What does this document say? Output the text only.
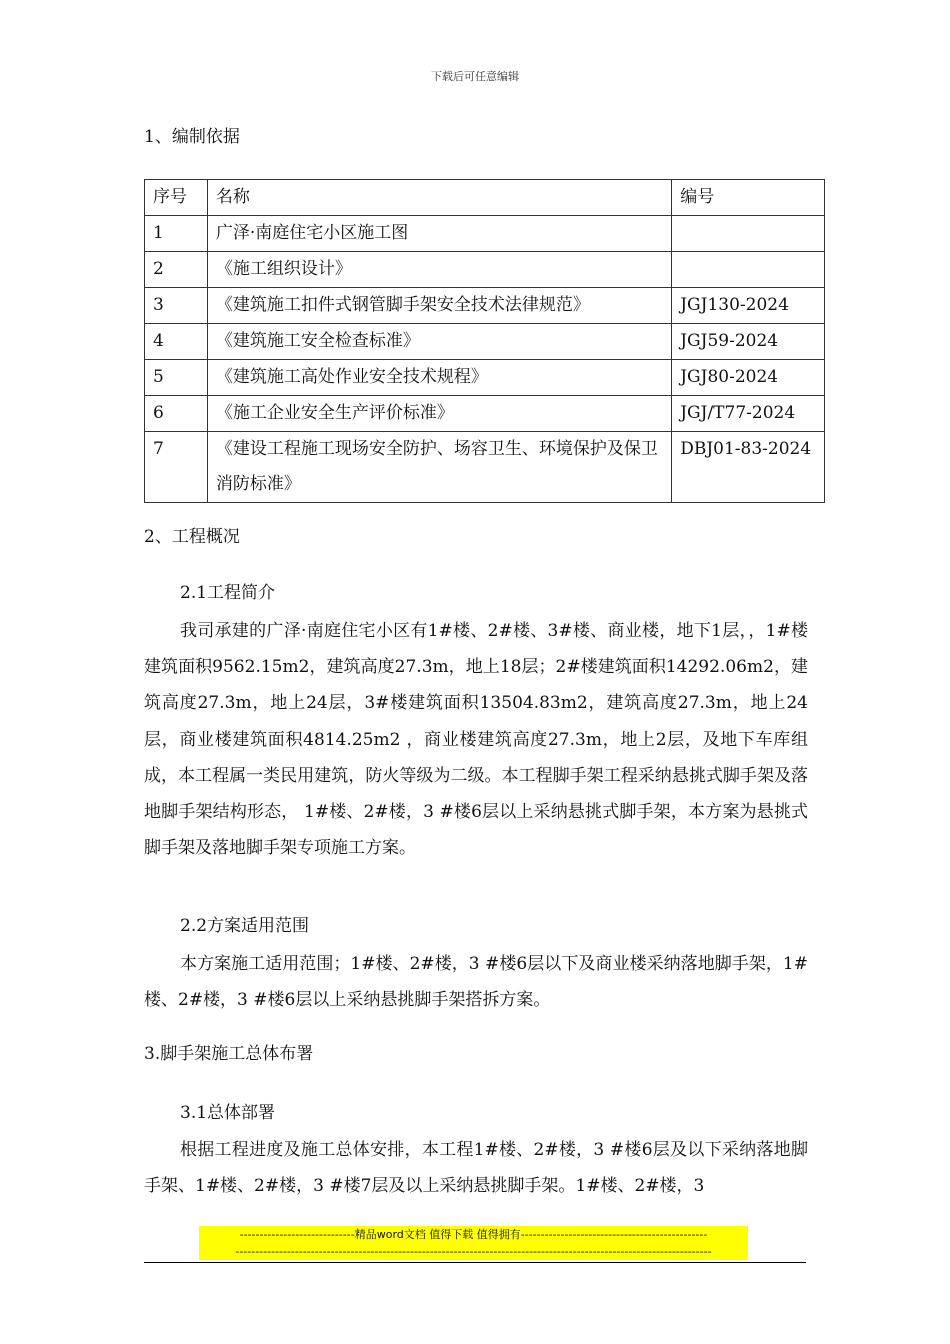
下载后可任意编辑
1、编制依据
序号	名称	编号
1	广泽·南庭住宅小区施工图	
2	《施工组织设计》	
3	《建筑施工扣件式钢管脚手架安全技术法律规范》	JGJ130-2024
4	《建筑施工安全检查标准》	JGJ59-2024
5	《建筑施工高处作业安全技术规程》	JGJ80-2024
6	《施工企业安全生产评价标准》	JGJ/T77-2024
7	《建设工程施工现场安全防护、场容卫生、环境保护及保卫消防标准》	DBJ01-83-2024
2、工程概况
2.1工程简介

我司承建的广泽·南庭住宅小区有1#楼、2#楼、3#楼、商业楼，地下1层，，1#楼建筑面积9562.15m2，建筑高度27.3m，地上18层；2#楼建筑面积14292.06m2，建筑高度27.3m，地上24层，3#楼建筑面积13504.83m2，建筑高度27.3m，地上24层，商业楼建筑面积4814.25m2 ，商业楼建筑高度27.3m，地上2层，及地下车库组成，本工程属一类民用建筑，防火等级为二级。本工程脚手架工程采纳悬挑式脚手架及落地脚手架结构形态， 1#楼、2#楼，3 #楼6层以上采纳悬挑式脚手架，本方案为悬挑式脚手架及落地脚手架专项施工方案。

2.2方案适用范围

本方案施工适用范围；1#楼、2#楼，3 #楼6层以下及商业楼采纳落地脚手架，1#楼、2#楼，3 #楼6层以上采纳悬挑脚手架搭拆方案。

3.脚手架施工总体布署
3.1总体部署

根据工程进度及施工总体安排，本工程1#楼、2#楼，3 #楼6层及以下采纳落地脚手架、1#楼、2#楼，3 #楼7层及以上采纳悬挑脚手架。1#楼、2#楼，3

-----------------------------精品word文档 值得下载 值得拥有-----------------------------------------------
------------------------------------------------------------------------------------------------------------------------
